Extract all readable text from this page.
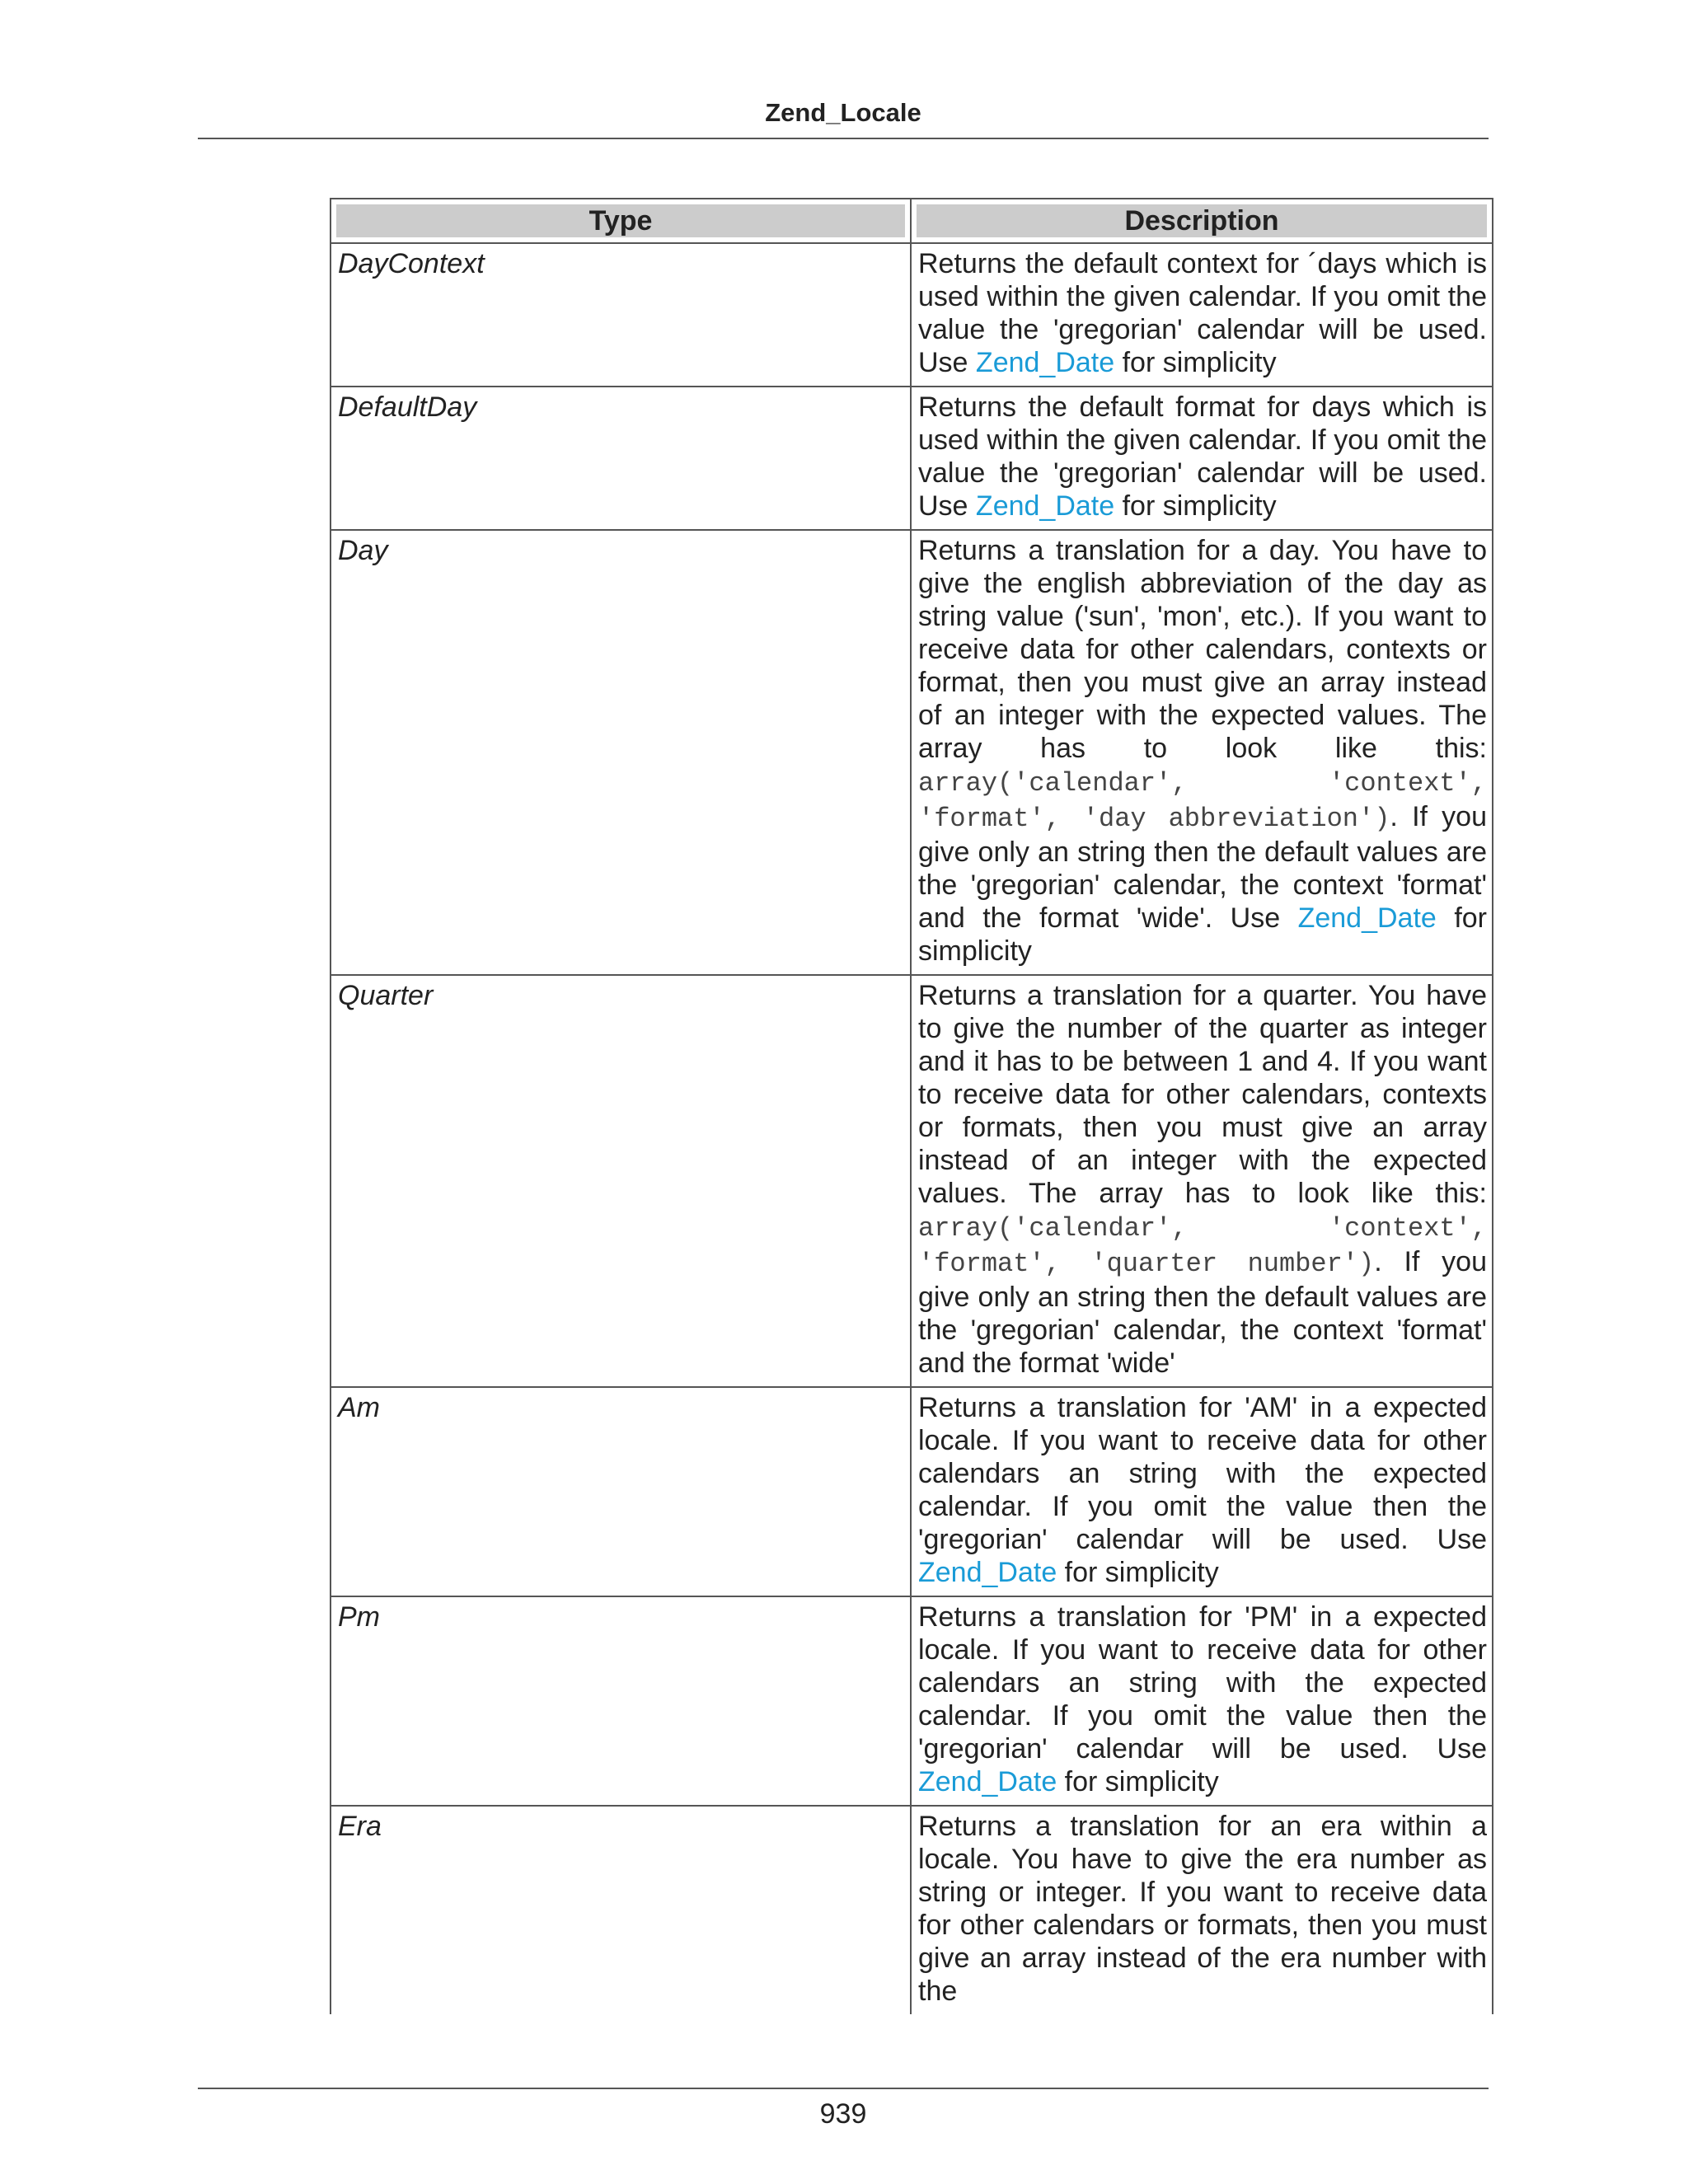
Zend_Locale
Type	Description

DayContext	Returns the default context for ´days which is used within the given calendar. If you omit the value the 'gregorian' calendar will be used. Use Zend_Date for simplicity
DefaultDay	Returns the default format for days which is used within the given calendar. If you omit the value the 'gregorian' calendar will be used. Use Zend_Date for simplicity
Day	Returns a translation for a day. You have to give the english abbreviation of the day as string value ('sun', 'mon', etc.). If you want to receive data for other calendars, contexts or format, then you must give an array instead of an integer with the expected values. The array has to look like this: array('calendar', 'context', 'format', 'day abbreviation'). If you give only an string then the default values are the 'gregorian' calendar, the context 'format' and the format 'wide'. Use Zend_Date for simplicity
Quarter	Returns a translation for a quarter. You have to give the number of the quarter as integer and it has to be between 1 and 4. If you want to receive data for other calendars, contexts or formats, then you must give an array instead of an integer with the expected values. The array has to look like this: array('calendar', 'context', 'format', 'quarter number'). If you give only an string then the default values are the 'gregorian' calendar, the context 'format' and the format 'wide'
Am	Returns a translation for 'AM' in a expected locale. If you want to receive data for other calendars an string with the expected calendar. If you omit the value then the 'gregorian' calendar will be used. Use Zend_Date for simplicity
Pm	Returns a translation for 'PM' in a expected locale. If you want to receive data for other calendars an string with the expected calendar. If you omit the value then the 'gregorian' calendar will be used. Use Zend_Date for simplicity
Era	Returns a translation for an era within a locale. You have to give the era number as string or integer. If you want to receive data for other calendars or formats, then you must give an array instead of the era number with the
939
